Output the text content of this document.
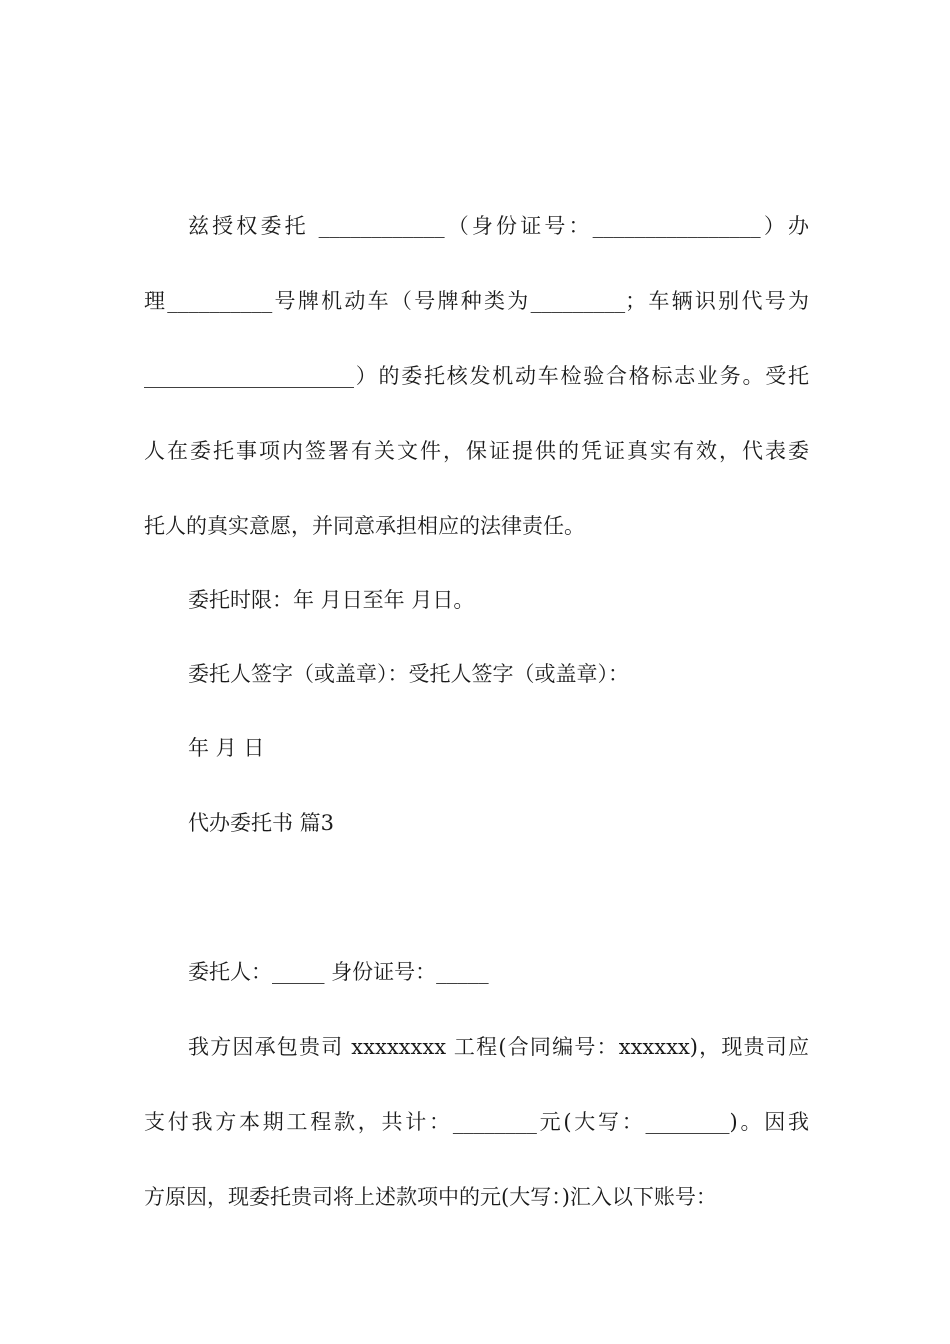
兹授权委托 ____________（身份证号：________________）办
理__________号牌机动车（号牌种类为_________；车辆识别代号为
____________________）的委托核发机动车检验合格标志业务。受托
人在委托事项内签署有关文件，保证提供的凭证真实有效，代表委
托人的真实意愿，并同意承担相应的法律责任。
委托时限：年 月日至年 月日。
委托人签字（或盖章）：受托人签字（或盖章）：
年 月 日
代办委托书 篇3
委托人：_____ 身份证号：_____
我方因承包贵司 xxxxxxxx 工程(合同编号：xxxxxx)，现贵司应
支付我方本期工程款，共计：________元(大写：________)。因我
方原因，现委托贵司将上述款项中的元(大写：)汇入以下账号：
